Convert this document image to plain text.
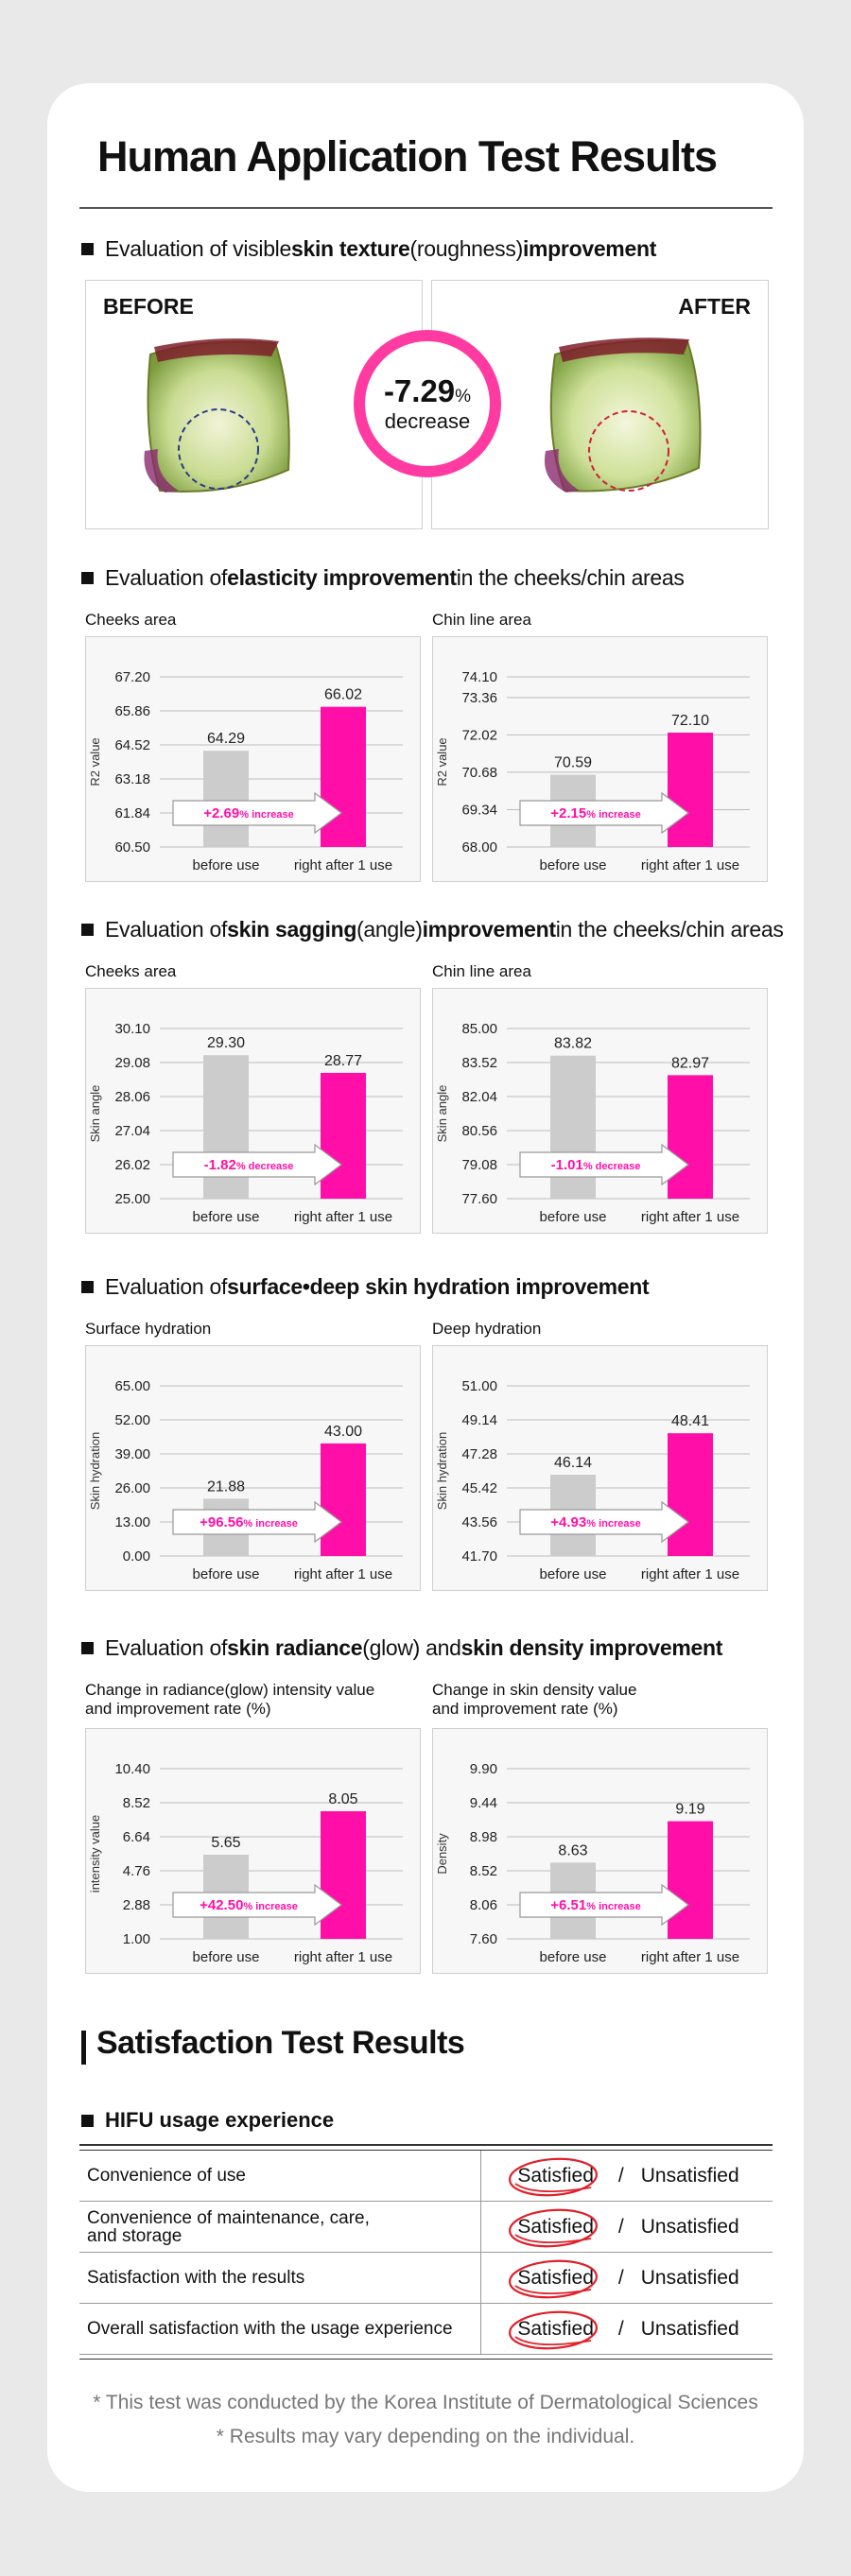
Human Application Test Results
Evaluation of visible skin texture (roughness) improvement
BEFORE	AFTER
-7.29%
decrease
Evaluation of elasticity improvement in the cheeks/chin areas
Cheeks area	Chin line area
67.20
65.86
64.52
63.18
61.84
60.50
R2 value	64.29
before use
66.02
right after 1 use
+2.69% increase
74.10
73.36
72.02
70.68
69.34
68.00
R2 value	70.59
before use
72.10
right after 1 use
+2.15% increase
Evaluation of skin sagging (angle) improvement in the cheeks/chin areas
Cheeks area	Chin line area
30.10
29.08
28.06
27.04
26.02
25.00
Skin angle
29.30
before use
28.77
right after 1 use
-1.82% decrease
85.00
83.52
82.04
80.56
79.08
77.60
Skin angle
83.82
before use
82.97
right after 1 use
-1.01% decrease
Evaluation of surface•deep skin hydration improvement
Surface hydration	Deep hydration
65.00
52.00
39.00
26.00
13.00
0.00
Skin hydration	21.88
before use
43.00
right after 1 use
+96.56% increase
51.00
49.14
47.28
45.42
43.56
41.70
Skin hydration	46.14
before use
48.41
right after 1 use
+4.93% increase
Evaluation of skin radiance (glow) and skin density improvement
Change in radiance(glow) intensity value
and improvement rate (%)
Change in skin density value
and improvement rate (%)
10.40
8.52
6.64
4.76
2.88
1.00
intensity value	5.65
before use
8.05
right after 1 use
+42.50% increase
9.90
9.44
8.98
8.52
8.06
7.60
Density	8.63
before use
9.19
right after 1 use
+6.51% increase
Satisfaction Test Results
HIFU usage experience
Convenience of use	Satisfied / Unsatisfied
Convenience of maintenance, care,
and storage	Satisfied / Unsatisfied
Satisfaction with the results	Satisfied / Unsatisfied
Overall satisfaction with the usage experience	Satisfied / Unsatisfied
* This test was conducted by the Korea Institute of Dermatological Sciences
* Results may vary depending on the individual.
